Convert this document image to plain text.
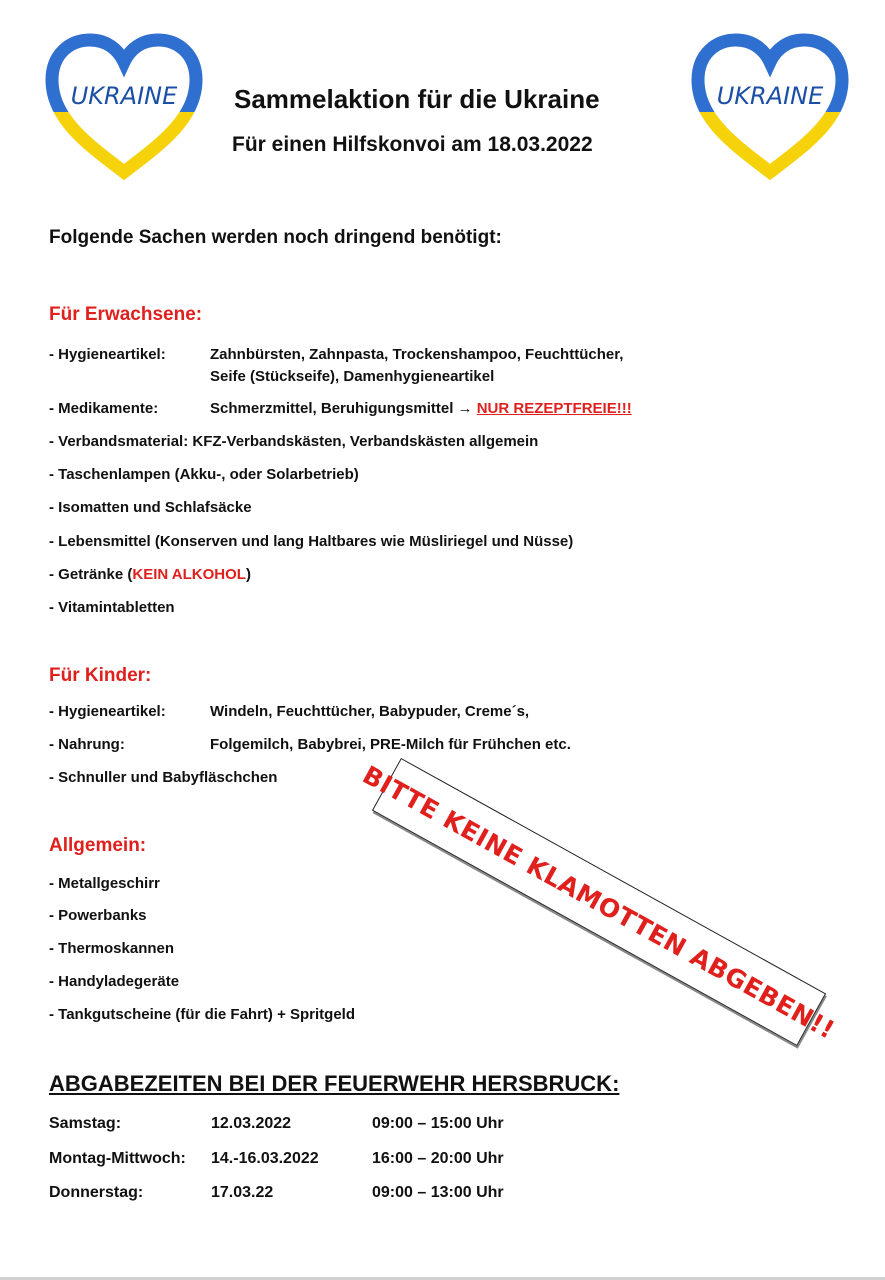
UKRAINE	UKRAINE
Sammelaktion für die Ukraine
Für einen Hilfskonvoi am 18.03.2022
Folgende Sachen werden noch dringend benötigt:
Für Erwachsene:
- Hygieneartikel:	Zahnbürsten, Zahnpasta, Trockenshampoo, Feuchttücher,
Seife (Stückseife), Damenhygieneartikel
- Medikamente:	Schmerzmittel, Beruhigungsmittel → NUR REZEPTFREIE!!!
- Verbandsmaterial: KFZ-Verbandskästen, Verbandskästen allgemein
- Taschenlampen (Akku-, oder Solarbetrieb)
- Isomatten und Schlafsäcke
- Lebensmittel (Konserven und lang Haltbares wie Müsliriegel und Nüsse)
- Getränke (KEIN ALKOHOL)
- Vitamintabletten
Für Kinder:
- Hygieneartikel:	Windeln, Feuchttücher, Babypuder, Creme´s,
- Nahrung:	Folgemilch, Babybrei, PRE-Milch für Frühchen etc.
- Schnuller und Babyfläschchen
Allgemein:
- Metallgeschirr
- Powerbanks
- Thermoskannen
- Handyladegeräte
- Tankgutscheine (für die Fahrt) + Spritgeld BITTE KEINE KLAMOTTEN ABGEBEN!!
ABGABEZEITEN BEI DER FEUERWEHR HERSBRUCK:
Samstag:	12.03.2022	09:00 – 15:00 Uhr
Montag-Mittwoch: 14.-16.03.2022	16:00 – 20:00 Uhr
Donnerstag:	17.03.22	09:00 – 13:00 Uhr
